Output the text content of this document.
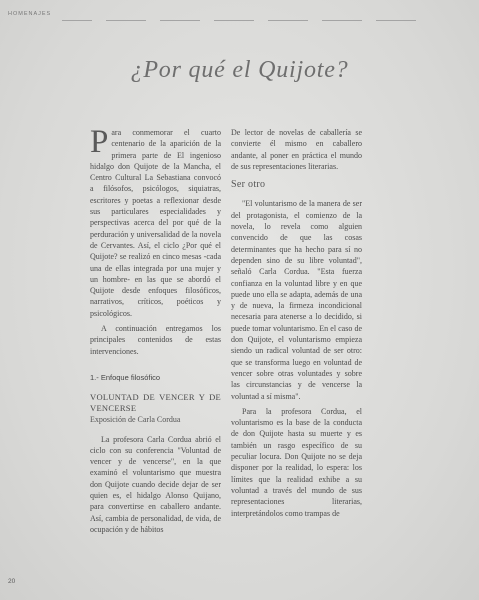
HOMENAJES
¿Por qué el Quijote?

Para conmemorar el cuarto centenario de la aparición de la primera parte de El ingenioso hidalgo don Quijote de la Mancha, el Centro Cultural La Sebastiana convocó a filósofos, psicólogos, siquiatras, escritores y poetas a reflexionar desde sus particulares especialidades y perspectivas acerca del por qué de la perduración y universalidad de la novela de Cervantes. Así, el ciclo ¿Por qué el Quijote? se realizó en cinco mesas -cada una de ellas integrada por una mujer y un hombre- en las que se abordó el Quijote desde enfoques filosóficos, narrativos, críticos, poéticos y psicológicos.

A continuación entregamos los principales contenidos de estas intervenciones.

1.- Enfoque filosófico
VOLUNTAD DE VENCER Y DE VENCERSE
Exposición de Carla Cordua

La profesora Carla Cordua abrió el ciclo con su conferencia "Voluntad de vencer y de vencerse", en la que examinó el voluntarismo que muestra don Quijote cuando decide dejar de ser quien es, el hidalgo Alonso Quijano, para convertirse en caballero andante. Así, cambia de personalidad, de vida, de ocupación y de hábitos

De lector de novelas de caballería se convierte él mismo en caballero andante, al poner en práctica el mundo de sus representaciones literarias.

Ser otro

"El voluntarismo de la manera de ser del protagonista, el comienzo de la novela, lo revela como alguien convencido de que las cosas determinantes que ha hecho para sí no dependen sino de su libre voluntad", señaló Carla Cordua. "Esta fuerza confianza en la voluntad libre y en que puede uno ella se adapta, además de una y de nueva, la firmeza incondicional necesaria para atenerse a lo decidido, si puede tomar voluntarismo. En el caso de don Quijote, el voluntarismo empieza siendo un radical voluntad de ser otro: que se transforma luego en voluntad de vencer sobre otras voluntades y sobre las circunstancias y de vencerse la voluntad a sí misma".

Para la profesora Cordua, el voluntarismo es la base de la conducta de don Quijote hasta su muerte y es también un rasgo específico de su peculiar locura. Don Quijote no se deja disponer por la realidad, lo espera: los límites que la realidad exhibe a su voluntad a través del mundo de sus representaciones literarias, interpretándolos como trampas de

20
